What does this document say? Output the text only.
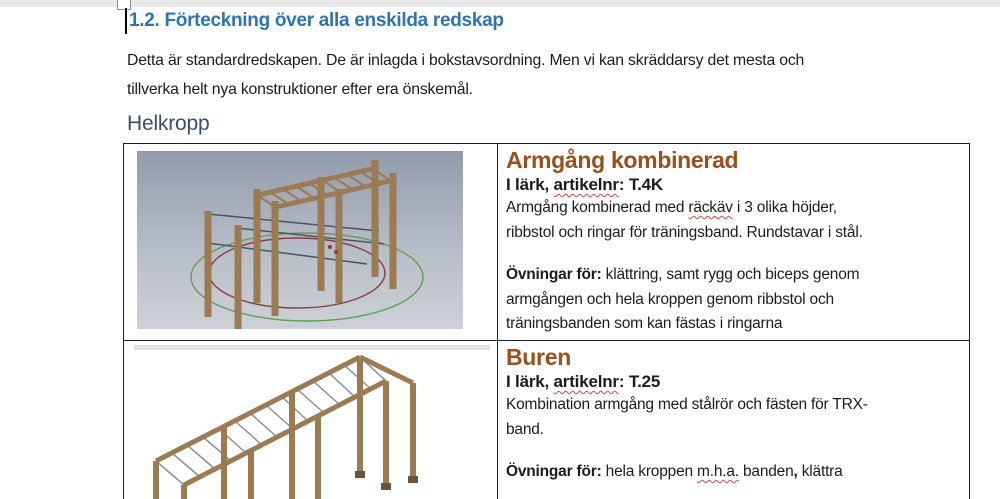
1.2. Förteckning över alla enskilda redskap
Detta är standardredskapen. De är inlagda i bokstavsordning. Men vi kan skräddarsy det mesta och
tillverka helt nya konstruktioner efter era önskemål.
Helkropp
Armgång kombinerad
I lärk, artikelnr: T.4K
Armgång kombinerad med räckäv i 3 olika höjder,
ribbstol och ringar för träningsband. Rundstavar i stål.
Övningar för: klättring, samt rygg och biceps genom
armgången och hela kroppen genom ribbstol och
träningsbanden som kan fästas i ringarna
Buren
I lärk, artikelnr: T.25
Kombination armgång med stålrör och fästen för TRX-
band.
Övningar för: hela kroppen m.h.a. banden, klättra
